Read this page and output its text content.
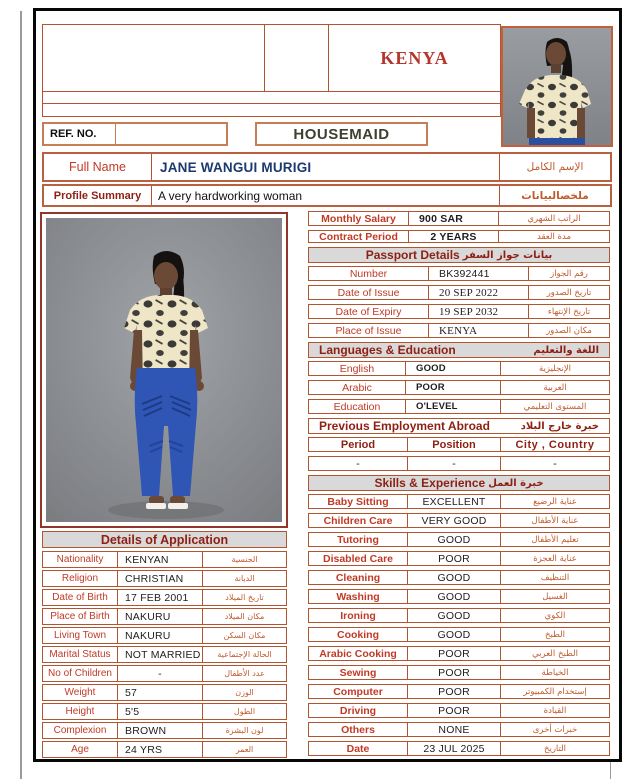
KENYA
REF. NO.	HOUSEMAID
Full Name	JANE WANGUI MURIGI	الإسم الكامل
Profile Summary	A very hardworking woman	ملخصالبيانات
Details of Application
Nationality	KENYAN	الجنسية
Religion	CHRISTIAN	الديانة
Date of Birth	17 FEB 2001	تاريخ الميلاد
Place of Birth	NAKURU	مكان الميلاد
Living Town	NAKURU	مكان السكن
Marital Status	NOT MARRIED	الحالة الإجتماعية
No of Children	-	عدد الأطفال
Weight	57	الوزن
Height	5'5	الطول
Complexion	BROWN	لون البشرة
Age	24 YRS	العمر
Monthly Salary	900 SAR	الراتب الشهري
Contract Period	2 YEARS	مدة العقد
Passport Details بيانات جواز السفر
Number	BK392441	رقم الجواز
Date of Issue	20 SEP 2022	تاريخ الصدور
Date of Expiry	19 SEP 2032	تاريخ الإنتهاء
Place of Issue	KENYA	مكان الصدور
Languages & Education	اللغة والتعليم
English	GOOD	الإنجليزية
Arabic	POOR	العربية
Education	O'LEVEL	المستوى التعليمي
Previous Employment Abroad	خبرة خارج البلاد
Period	Position	City , Country
-	-	-
Skills & Experience خبرة العمل
Baby Sitting	EXCELLENT	عناية الرضيع
Children Care	VERY GOOD	عناية الأطفال
Tutoring	GOOD	تعليم الأطفال
Disabled Care	POOR	عناية العجزة
Cleaning	GOOD	التنظيف
Washing	GOOD	الغسيل
Ironing	GOOD	الكوي
Cooking	GOOD	الطبخ
Arabic Cooking	POOR	الطبخ العربي
Sewing	POOR	الخياطة
Computer	POOR	إستخدام الكمبيوتر
Driving	POOR	القيادة
Others	NONE	خبرات أخرى
Date	23 JUL 2025	التاريخ
